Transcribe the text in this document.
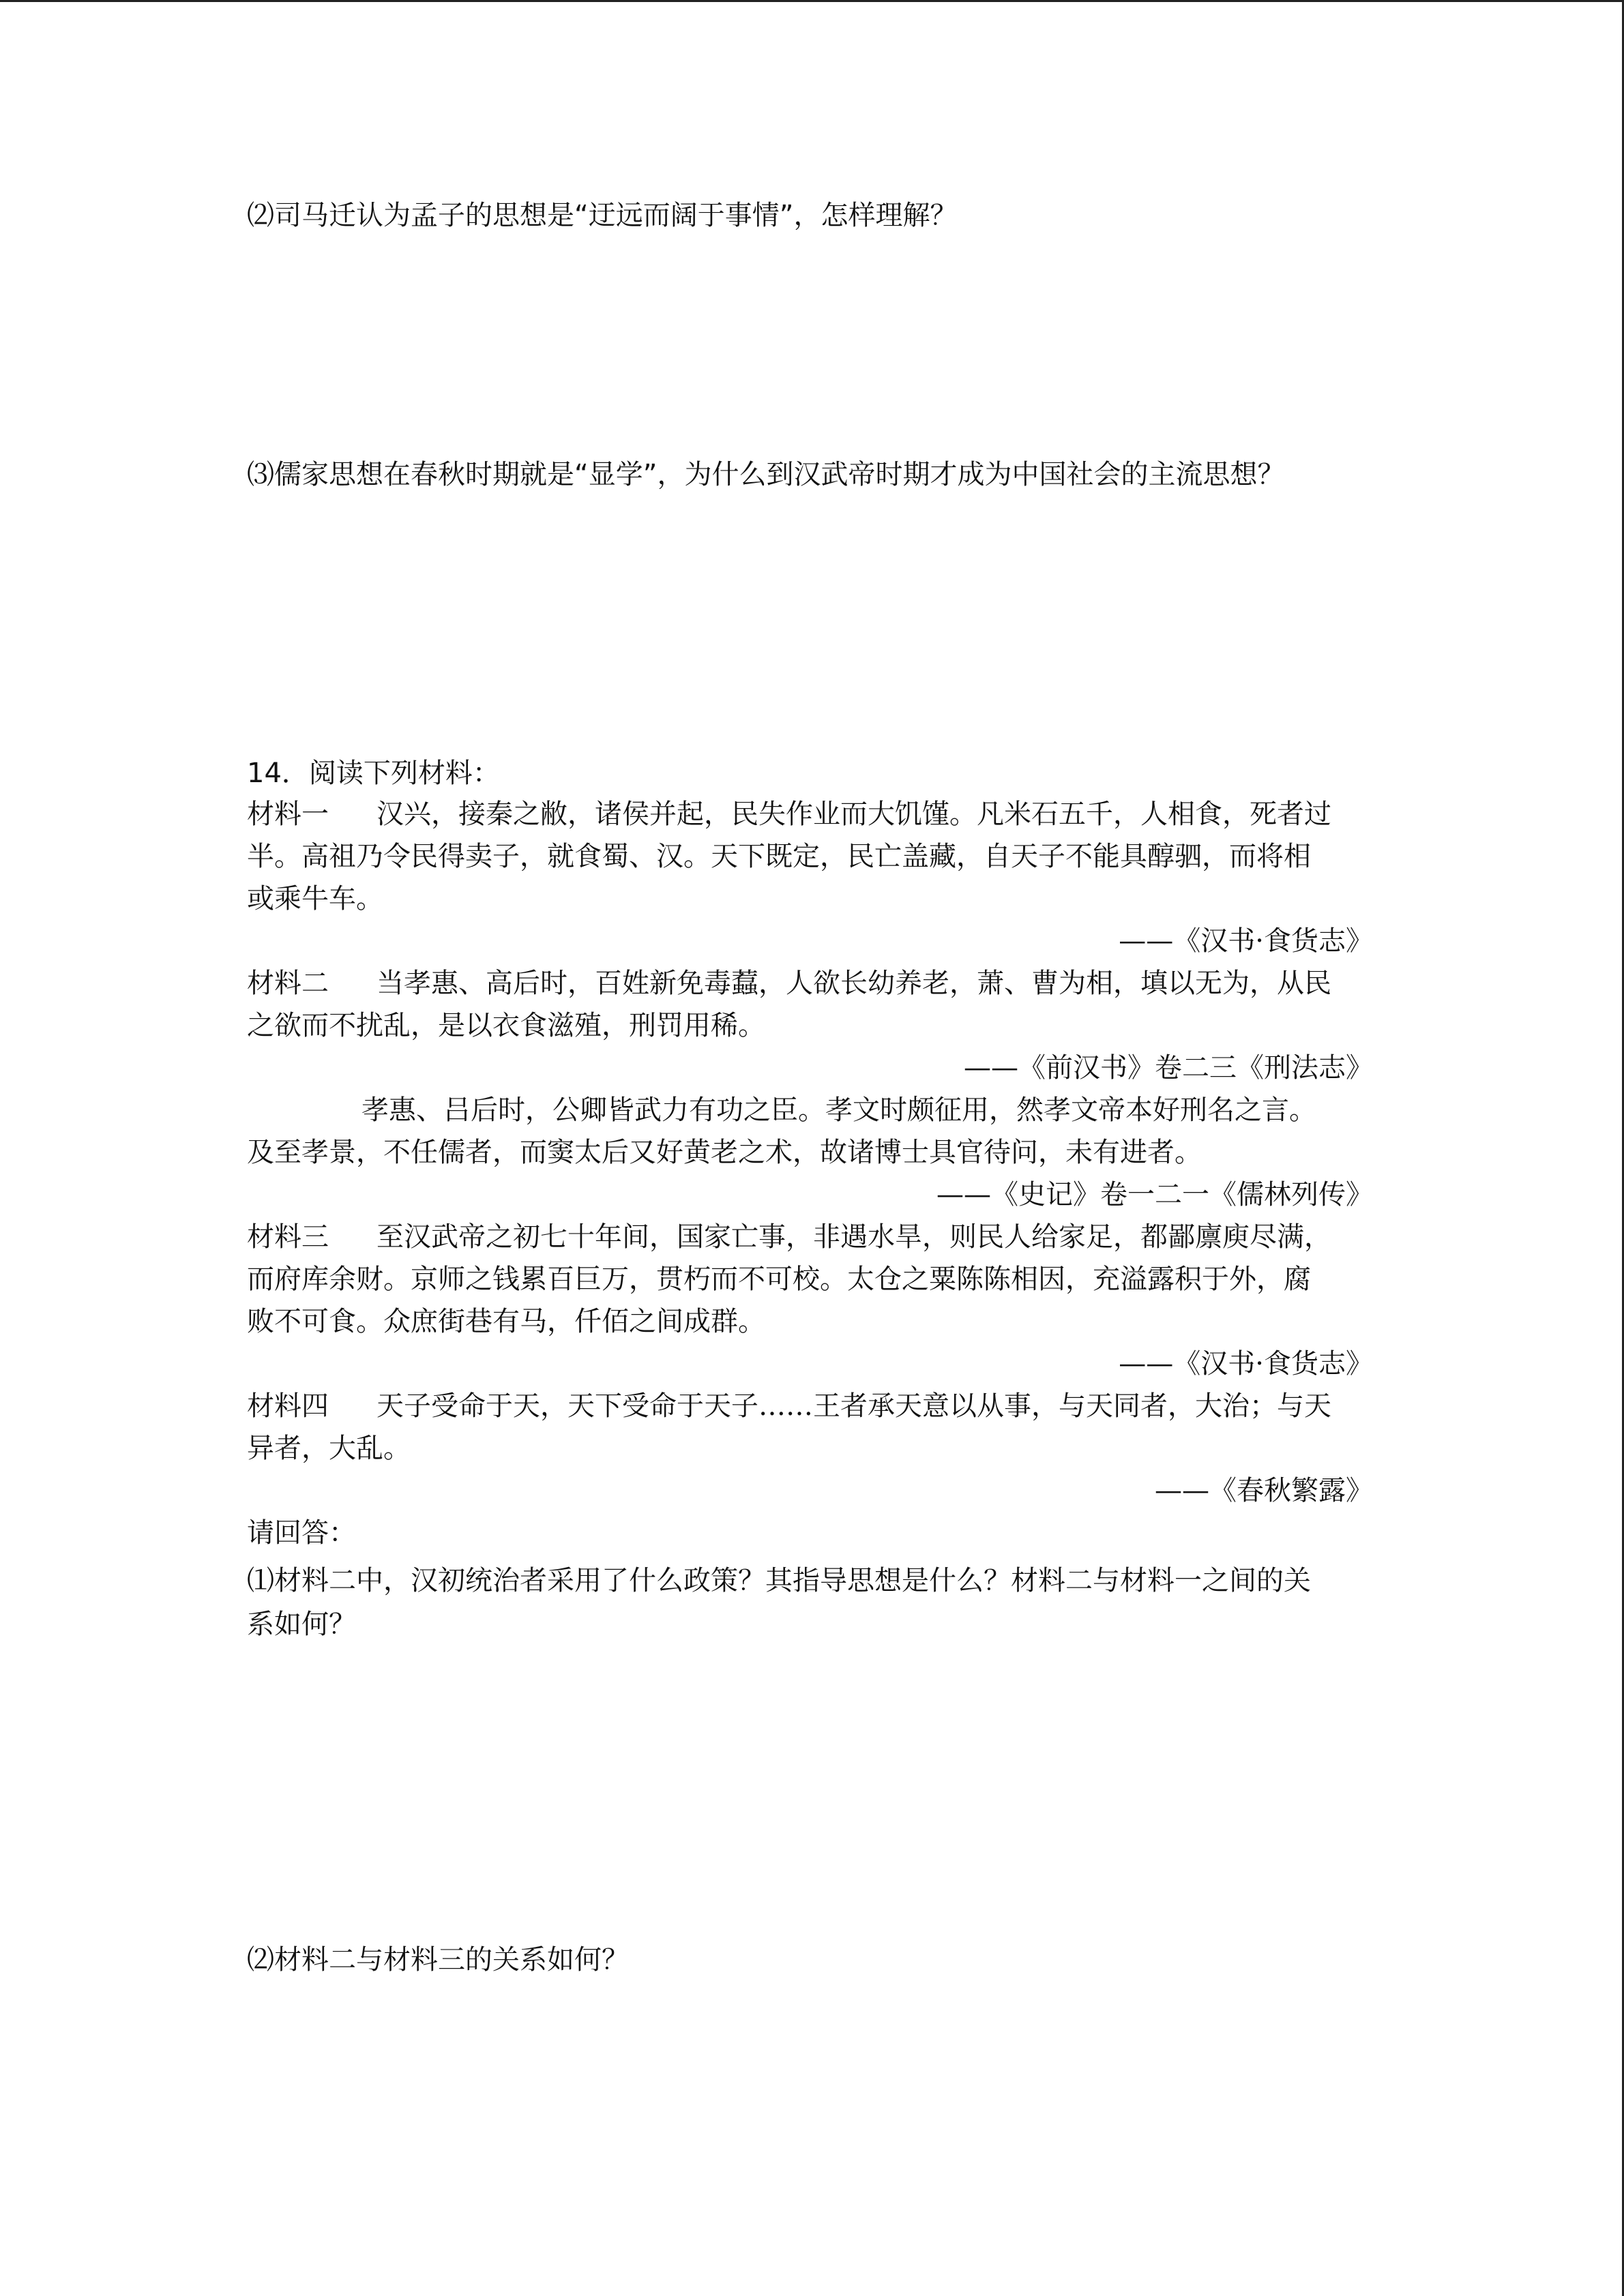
⑵司马迁认为孟子的思想是“迂远而阔于事情”，怎样理解？
⑶儒家思想在春秋时期就是“显学”，为什么到汉武帝时期才成为中国社会的主流思想？
14．阅读下列材料：
材料一 汉兴，接秦之敝，诸侯并起，民失作业而大饥馑。凡米石五千，人相食，死者过
半。高祖乃令民得卖子，就食蜀、汉。天下既定，民亡盖藏，自天子不能具醇驷，而将相
或乘牛车。
——《汉书·食货志》
材料二 当孝惠、高后时，百姓新免毒蠚，人欲长幼养老，萧、曹为相，填以无为，从民
之欲而不扰乱，是以衣食滋殖，刑罚用稀。
——《前汉书》卷二三《刑法志》
孝惠、吕后时，公卿皆武力有功之臣。孝文时颇征用，然孝文帝本好刑名之言。
及至孝景，不任儒者，而窦太后又好黄老之术，故诸博士具官待问，未有进者。
——《史记》卷一二一《儒林列传》
材料三 至汉武帝之初七十年间，国家亡事，非遇水旱，则民人给家足，都鄙廪庾尽满，
而府库余财。京师之钱累百巨万，贯朽而不可校。太仓之粟陈陈相因，充溢露积于外，腐
败不可食。众庶街巷有马，仟佰之间成群。
——《汉书·食货志》
材料四 天子受命于天，天下受命于天子……王者承天意以从事，与天同者，大治；与天
异者，大乱。
——《春秋繁露》
请回答：
⑴材料二中，汉初统治者采用了什么政策？其指导思想是什么？材料二与材料一之间的关
系如何？
⑵材料二与材料三的关系如何？
